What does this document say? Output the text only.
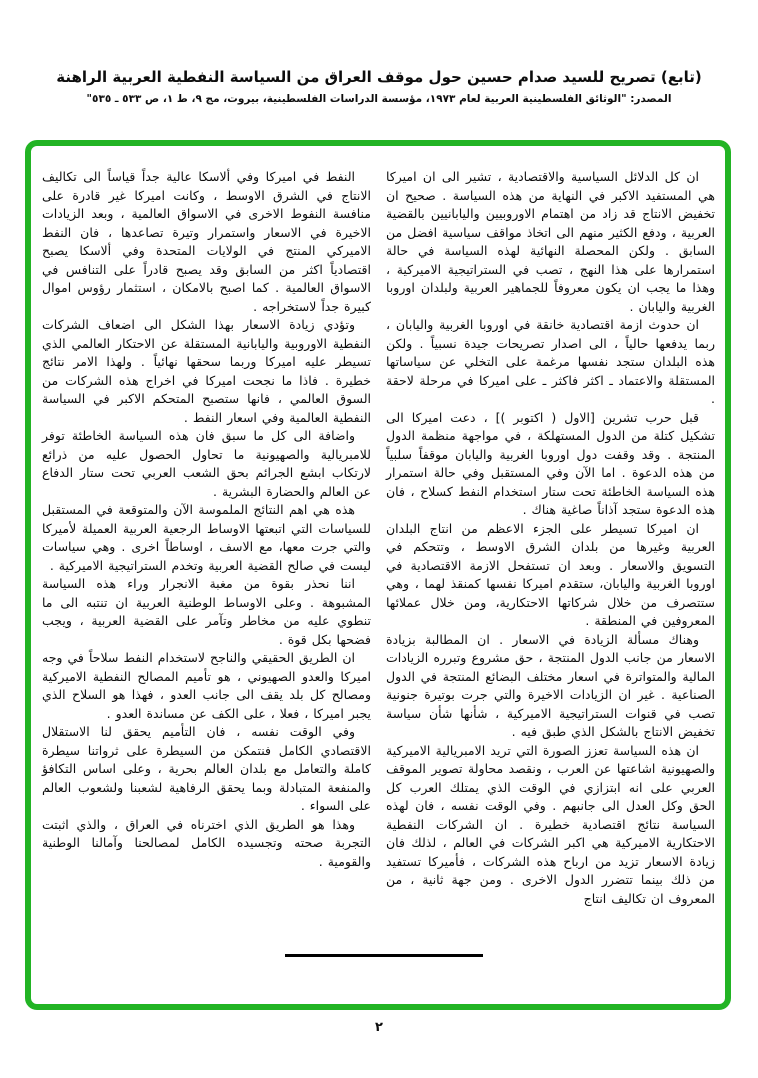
(تابع) تصريح للسيد صدام حسين حول موقف العراق من السياسة النفطية العربية الراهنة
المصدر: "الوثائق الفلسطينية العربية لعام ١٩٧٣، مؤسسة الدراسات الفلسطينية، بيروت، مج ٩، ط ١، ص ٥٣٣ ـ ٥٣٥"

ان كل الدلائل السياسية والاقتصادية ، تشير الى ان اميركا هي المستفيد الاكبر في النهاية من هذه السياسة . صحيح ان تخفيض الانتاج قد زاد من اهتمام الاوروبيين واليابانيين بالقضية العربية ، ودفع الكثير منهم الى اتخاذ مواقف سياسية افضل من السابق . ولكن المحصلة النهائية لهذه السياسة في حالة استمرارها على هذا النهج ، تصب في الستراتيجية الاميركية ، وهذا ما يجب ان يكون معروفاً للجماهير العربية ولبلدان اوروبا الغربية واليابان .

ان حدوث ازمة اقتصادية خانقة في اوروبا الغربية واليابان ، ربما يدفعها حالياً ، الى اصدار تصريحات جيدة نسبياً . ولكن هذه البلدان ستجد نفسها مرغمة على التخلي عن سياساتها المستقلة والاعتماد ـ اكثر فاكثر ـ على اميركا في مرحلة لاحقة .

قبل حرب تشرين [الاول ( اكتوبر )] ، دعت اميركا الى تشكيل كتلة من الدول المستهلكة ، في مواجهة منظمة الدول المنتجة . وقد وقفت دول اوروبا الغربية واليابان موقفاً سلبياً من هذه الدعوة . اما الآن وفي المستقبل وفي حالة استمرار هذه السياسة الخاطئة تحت ستار استخدام النفط كسلاح ، فان هذه الدعوة ستجد آذاناً صاغية هناك .

ان اميركا تسيطر على الجزء الاعظم من انتاج البلدان العربية وغيرها من بلدان الشرق الاوسط ، وتتحكم في التسويق والاسعار . وبعد ان تستفحل الازمة الاقتصادية في اوروبا الغربية واليابان، ستقدم اميركا نفسها كمنقذ لهما ، وهي ستتصرف من خلال شركاتها الاحتكارية، ومن خلال عملائها المعروفين في المنطقة .

وهناك مسألة الزيادة في الاسعار . ان المطالبة بزيادة الاسعار من جانب الدول المنتجة ، حق مشروع وتبرره الزيادات المالية والمتواترة في اسعار مختلف البضائع المنتجة في الدول الصناعية . غير ان الزيادات الاخيرة والتي جرت بوتيرة جنونية تصب في قنوات الستراتيجية الاميركية ، شأنها شأن سياسة تخفيض الانتاج بالشكل الذي طبق فيه .

ان هذه السياسة تعزز الصورة التي تريد الامبريالية الاميركية والصهيونية اشاعتها عن العرب ، ونقصد محاولة تصوير الموقف العربي على انه ابتزازي في الوقت الذي يمتلك العرب كل الحق وكل العدل الى جانبهم . وفي الوقت نفسه ، فان لهذه السياسة نتائج اقتصادية خطيرة . ان الشركات النفطية الاحتكارية الاميركية هي اكبر الشركات في العالم ، لذلك فان زيادة الاسعار تزيد من ارباح هذه الشركات ، فأميركا تستفيد من ذلك بينما تتضرر الدول الاخرى . ومن جهة ثانية ، من المعروف ان تكاليف انتاج

النفط في اميركا وفي ألاسكا عالية جداً قياساً الى تكاليف الانتاج في الشرق الاوسط ، وكانت اميركا غير قادرة على منافسة النفوط الاخرى في الاسواق العالمية ، وبعد الزيادات الاخيرة في الاسعار واستمرار وتيرة تصاعدها ، فان النفط الاميركي المنتج في الولايات المتحدة وفي ألاسكا يصبح اقتصادياً اكثر من السابق وقد يصبح قادراً على التنافس في الاسواق العالمية . كما اصبح بالامكان ، استثمار رؤوس اموال كبيرة جداً لاستخراجه .

وتؤدي زيادة الاسعار بهذا الشكل الى اضعاف الشركات النفطية الاوروبية واليابانية المستقلة عن الاحتكار العالمي الذي تسيطر عليه اميركا وربما سحقها نهائياً . ولهذا الامر نتائج خطيرة . فاذا ما نجحت اميركا في اخراج هذه الشركات من السوق العالمي ، فانها ستصبح المتحكم الاكبر في السياسة النفطية العالمية وفي اسعار النفط .

واضافة الى كل ما سبق فان هذه السياسة الخاطئة توفر للامبريالية والصهيونية ما تحاول الحصول عليه من ذرائع لارتكاب ابشع الجرائم بحق الشعب العربي تحت ستار الدفاع عن العالم والحضارة البشرية .

هذه هي اهم النتائج الملموسة الآن والمتوقعة في المستقبل للسياسات التي اتبعتها الاوساط الرجعية العربية العميلة لأميركا والتي جرت معها، مع الاسف ، اوساطاً اخرى . وهي سياسات ليست في صالح القضية العربية وتخدم الستراتيجية الاميركية .

اننا نحذر بقوة من مغبة الانجرار وراء هذه السياسة المشبوهة . وعلى الاوساط الوطنية العربية ان تنتبه الى ما تنطوي عليه من مخاطر وتآمر على القضية العربية ، ويجب فضحها بكل قوة .

ان الطريق الحقيقي والناجح لاستخدام النفط سلاحاً في وجه اميركا والعدو الصهيوني ، هو تأميم المصالح النفطية الاميركية ومصالح كل بلد يقف الى جانب العدو ، فهذا هو السلاح الذي يجبر اميركا ، فعلا ، على الكف عن مساندة العدو .

وفي الوقت نفسه ، فان التأميم يحقق لنا الاستقلال الاقتصادي الكامل فنتمكن من السيطرة على ثرواتنا سيطرة كاملة والتعامل مع بلدان العالم بحرية ، وعلى اساس التكافؤ والمنفعة المتبادلة وبما يحقق الرفاهية لشعبنا ولشعوب العالم على السواء .

وهذا هو الطريق الذي اخترناه في العراق ، والذي اثبتت التجربة صحته وتجسيده الكامل لمصالحنا وآمالنا الوطنية والقومية .

٢
